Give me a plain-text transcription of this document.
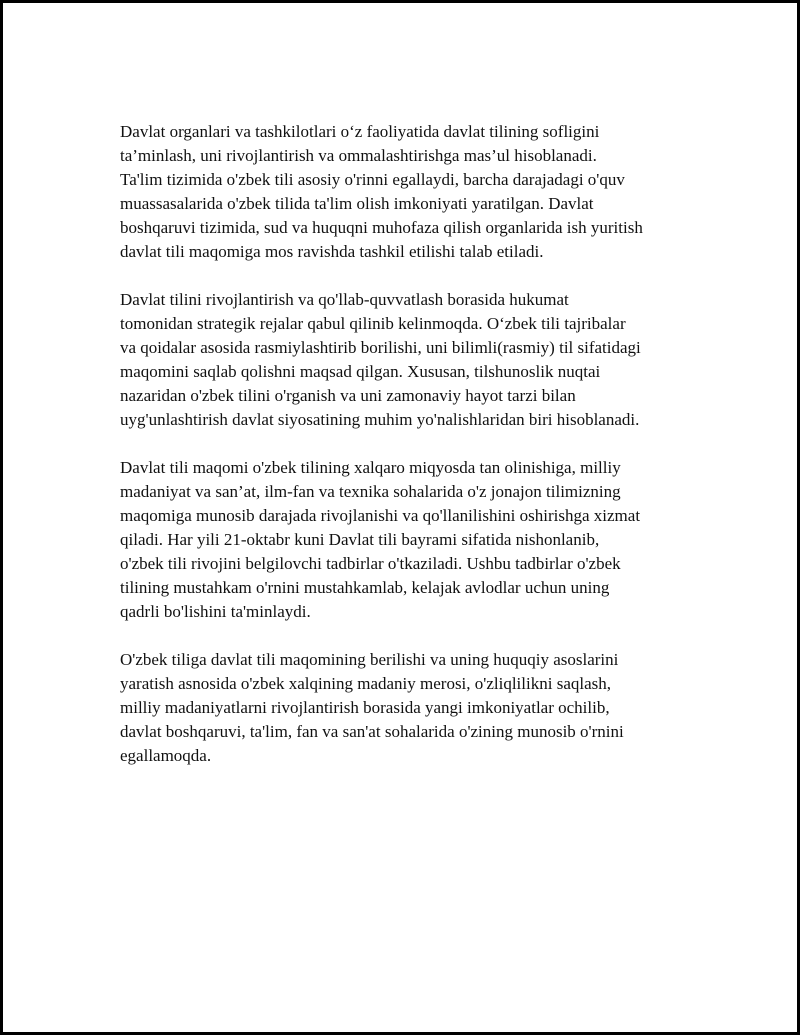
Davlat organlari va tashkilotlari o‘z faoliyatida davlat tilining sofligini
ta’minlash, uni rivojlantirish va ommalashtirishga mas’ul hisoblanadi.
Ta'lim tizimida o'zbek tili asosiy o'rinni egallaydi, barcha darajadagi o'quv
muassasalarida o'zbek tilida ta'lim olish imkoniyati yaratilgan. Davlat
boshqaruvi tizimida, sud va huquqni muhofaza qilish organlarida ish yuritish
davlat tili maqomiga mos ravishda tashkil etilishi talab etiladi.

Davlat tilini rivojlantirish va qo'llab-quvvatlash borasida hukumat
tomonidan strategik rejalar qabul qilinib kelinmoqda. O‘zbek tili tajribalar
va qoidalar asosida rasmiylashtirib borilishi, uni bilimli(rasmiy) til sifatidagi
maqomini saqlab qolishni maqsad qilgan. Xususan, tilshunoslik nuqtai
nazaridan o'zbek tilini o'rganish va uni zamonaviy hayot tarzi bilan
uyg'unlashtirish davlat siyosatining muhim yo'nalishlaridan biri hisoblanadi.

Davlat tili maqomi o'zbek tilining xalqaro miqyosda tan olinishiga, milliy
madaniyat va san’at, ilm-fan va texnika sohalarida o'z jonajon tilimizning
maqomiga munosib darajada rivojlanishi va qo'llanilishini oshirishga xizmat
qiladi. Har yili 21-oktabr kuni Davlat tili bayrami sifatida nishonlanib,
o'zbek tili rivojini belgilovchi tadbirlar o'tkaziladi. Ushbu tadbirlar o'zbek
tilining mustahkam o'rnini mustahkamlab, kelajak avlodlar uchun uning
qadrli bo'lishini ta'minlaydi.

O'zbek tiliga davlat tili maqomining berilishi va uning huquqiy asoslarini
yaratish asnosida o'zbek xalqining madaniy merosi, o'zliqlilikni saqlash,
milliy madaniyatlarni rivojlantirish borasida yangi imkoniyatlar ochilib,
davlat boshqaruvi, ta'lim, fan va san'at sohalarida o'zining munosib o'rnini
egallamoqda.
